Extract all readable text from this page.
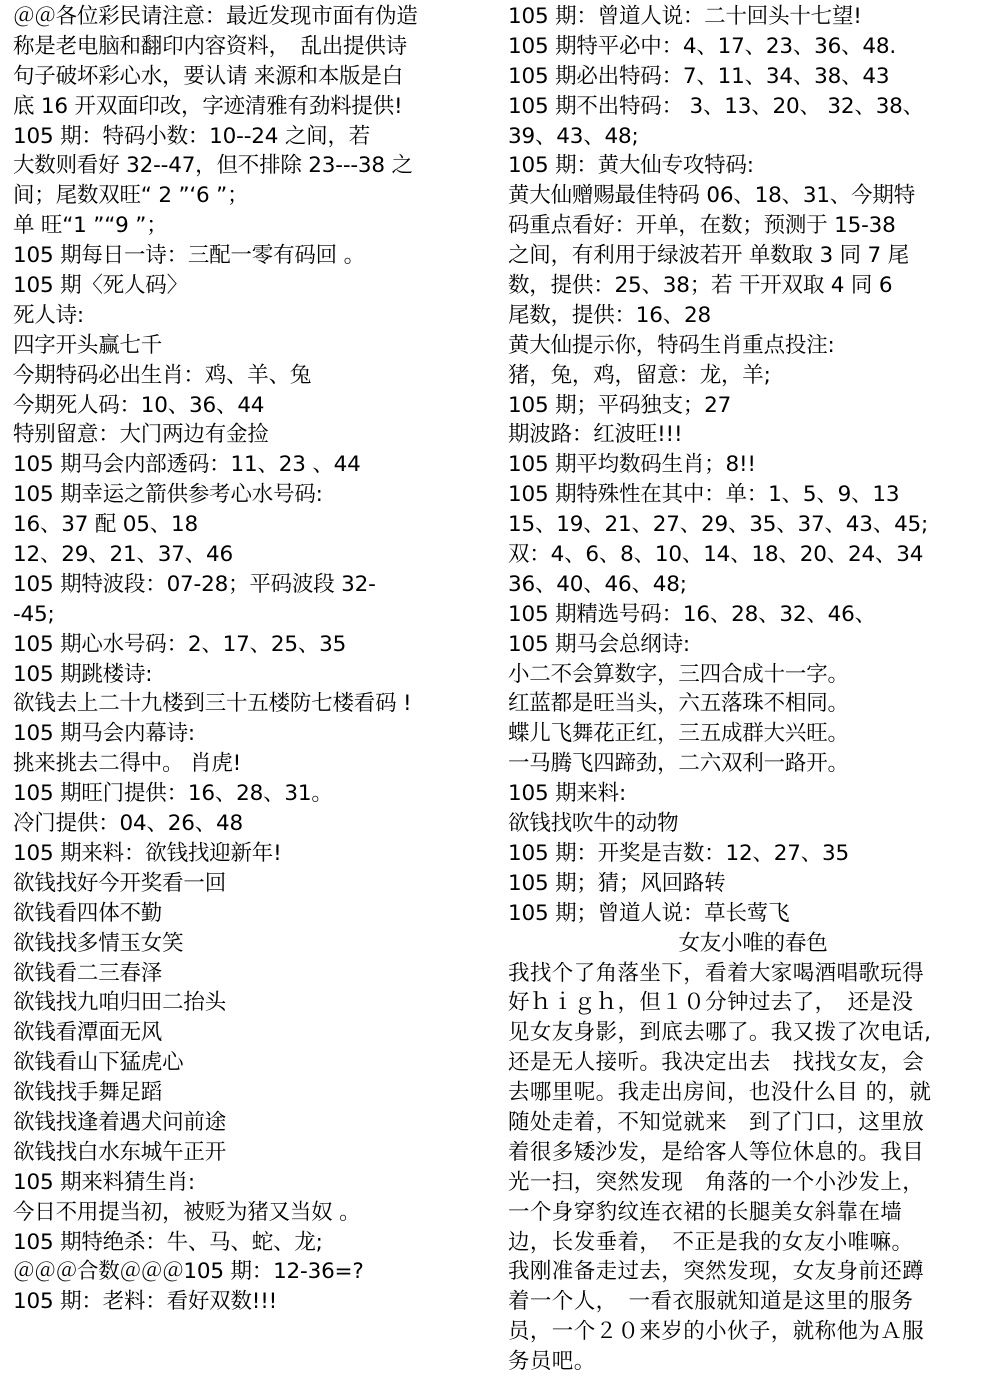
＠＠各位彩民请注意：最近发现市面有伪造
称是老电脑和翻印内容资料，　乱出提供诗
句子破坏彩心水，要认请 来源和本版是白
底 16 开双面印改，字迹清雅有劲料提供!
105 期：特码小数：10--24 之间，若
大数则看好 32--47，但不排除 23---38 之
间；尾数双旺“ 2 ”‘6 ”；
单 旺“1 ”“9 ”；
105 期每日一诗：三配一零有码回 。
105 期〈死人码〉
死人诗:
四字开头赢七千
今期特码必出生肖：鸡、羊、兔
今期死人码：10、36、44
特别留意：大门两边有金捡
105 期马会内部透码：11、23 、44
105 期幸运之箭供参考心水号码:
16、37 配 05、18
12、29、21、37、46
105 期特波段：07-28；平码波段 32-
-45;
105 期心水号码：2、17、25、35
105 期跳楼诗:
欲钱去上二十九楼到三十五楼防七楼看码 !
105 期马会内幕诗:
挑来挑去二得中。 肖虎!
105 期旺门提供：16、28、31。
冷门提供：04、26、48
105 期来料：欲钱找迎新年!
欲钱找好今开奖看一回
欲钱看四体不勤
欲钱找多情玉女笑
欲钱看二三春泽
欲钱找九咱归田二抬头
欲钱看潭面无风
欲钱看山下猛虎心
欲钱找手舞足蹈
欲钱找逢着遇犬问前途
欲钱找白水东城午正开
105 期来料猜生肖:
今日不用提当初，被贬为猪又当奴 。
105 期特绝杀：牛、马、蛇、龙;
＠＠＠合数＠＠＠105 期：12-36=?
105 期：老料：看好双数!!!
105 期：曾道人说：二十回头十七望!
105 期特平必中：4、17、23、36、48.
105 期必出特码：7、11、34、38、43
105 期不出特码： 3、13、20、 32、38、
39、43、48;
105 期：黄大仙专攻特码:
黄大仙赠赐最佳特码 06、18、31、今期特
码重点看好：开单，在数；预测于 15-38
之间，有利用于绿波若开 单数取 3 同 7 尾
数，提供：25、38；若 干开双取 4 同 6
尾数，提供：16、28
黄大仙提示你，特码生肖重点投注:
猪，兔，鸡，留意：龙，羊;
105 期；平码独支；27
期波路：红波旺!!!
105 期平均数码生肖；8!!
105 期特殊性在其中：单：1、5、9、13
15、19、21、27、29、35、37、43、45;
双：4、6、8、10、14、18、20、24、34
36、40、46、48;
105 期精选号码：16、28、32、46、
105 期马会总纲诗:
小二不会算数字，三四合成十一字。
红蓝都是旺当头，六五落珠不相同。
蝶儿飞舞花正红，三五成群大兴旺。
一马腾飞四蹄劲，二六双利一路开。
105 期来料:
欲钱找吹牛的动物
105 期：开奖是吉数：12、27、35
105 期；猜；风回路转
105 期；曾道人说：草长莺飞
女友小唯的春色
我找个了角落坐下，看着大家喝酒唱歌玩得
好ｈｉｇｈ，但１０分钟过去了，　还是没
见女友身影，到底去哪了。我又拨了次电话,
还是无人接听。我决定出去　找找女友，会
去哪里呢。我走出房间，也没什么目 的，就
随处走着，不知觉就来　到了门口，这里放
着很多矮沙发，是给客人等位休息的。我目
光一扫，突然发现　角落的一个小沙发上，
一个身穿豹纹连衣裙的长腿美女斜靠在墙
边，长发垂着，　不正是我的女友小唯嘛。
我刚准备走过去，突然发现，女友身前还蹲
着一个人，　一看衣服就知道是这里的服务
员，一个２０来岁的小伙子，就称他为Ａ服
务员吧。
